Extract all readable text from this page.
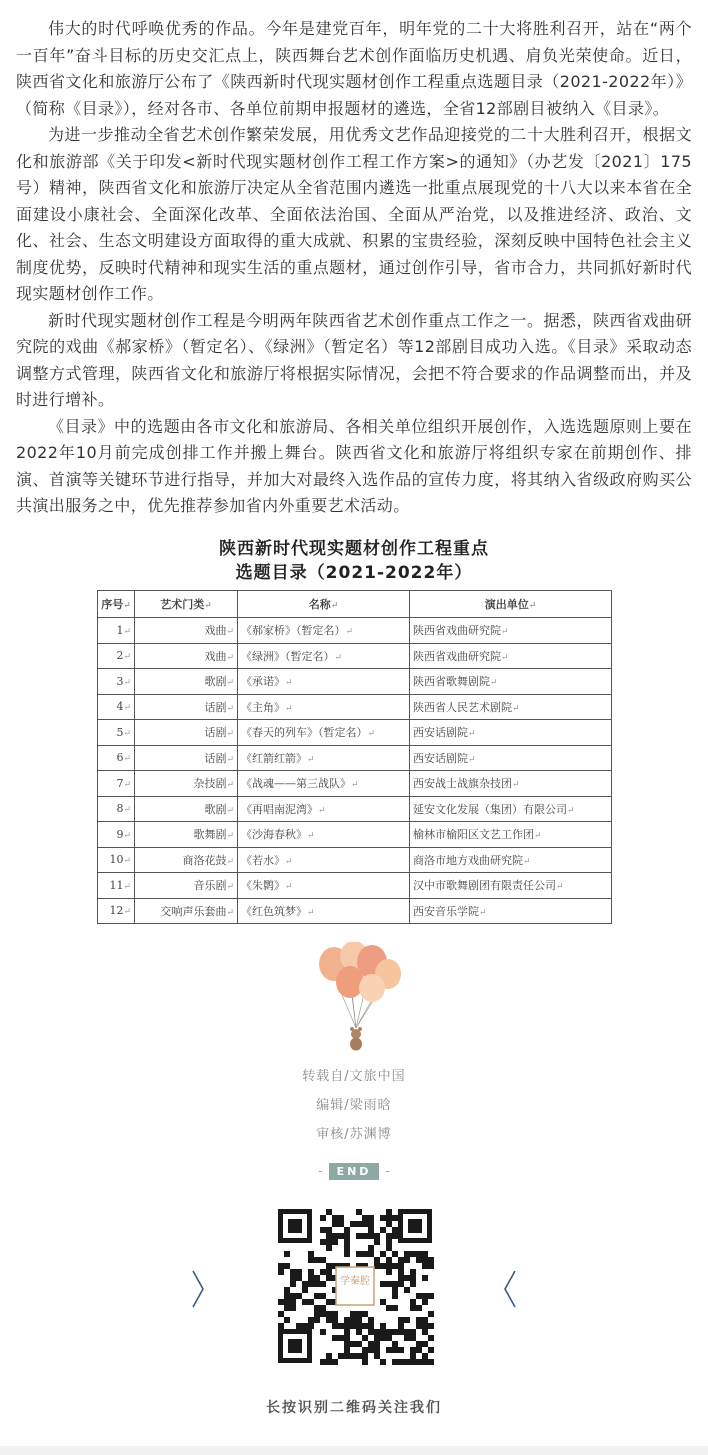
伟大的时代呼唤优秀的作品。今年是建党百年，明年党的二十大将胜利召开，站在“两个一百年”奋斗目标的历史交汇点上，陕西舞台艺术创作面临历史机遇、肩负光荣使命。近日，陕西省文化和旅游厅公布了《陕西新时代现实题材创作工程重点选题目录（2021-2022年）》（简称《目录》），经对各市、各单位前期申报题材的遴选，全省12部剧目被纳入《目录》。

为进一步推动全省艺术创作繁荣发展，用优秀文艺作品迎接党的二十大胜利召开，根据文化和旅游部《关于印发<新时代现实题材创作工程工作方案>的通知》（办艺发〔2021〕175号）精神，陕西省文化和旅游厅决定从全省范围内遴选一批重点展现党的十八大以来本省在全面建设小康社会、全面深化改革、全面依法治国、全面从严治党，以及推进经济、政治、文化、社会、生态文明建设方面取得的重大成就、积累的宝贵经验，深刻反映中国特色社会主义制度优势，反映时代精神和现实生活的重点题材，通过创作引导，省市合力，共同抓好新时代现实题材创作工作。

新时代现实题材创作工程是今明两年陕西省艺术创作重点工作之一。据悉，陕西省戏曲研究院的戏曲《郝家桥》（暂定名）、《绿洲》（暂定名）等12部剧目成功入选。《目录》采取动态调整方式管理，陕西省文化和旅游厅将根据实际情况，会把不符合要求的作品调整而出，并及时进行增补。

《目录》中的选题由各市文化和旅游局、各相关单位组织开展创作，入选选题原则上要在2022年10月前完成创排工作并搬上舞台。陕西省文化和旅游厅将组织专家在前期创作、排演、首演等关键环节进行指导，并加大对最终入选作品的宣传力度，将其纳入省级政府购买公共演出服务之中，优先推荐参加省内外重要艺术活动。

陕西新时代现实题材创作工程重点
选题目录（2021-2022年）
序号↵	艺术门类↵	名称↵	演出单位↵
1↵	戏曲↵	《郝家桥》（暂定名）↵	陕西省戏曲研究院↵
2↵	戏曲↵	《绿洲》（暂定名）↵	陕西省戏曲研究院↵
3↵	歌剧↵	《承诺》↵	陕西省歌舞剧院↵
4↵	话剧↵	《主角》↵	陕西省人民艺术剧院↵
5↵	话剧↵	《春天的列车》（暂定名）↵	西安话剧院↵
6↵	话剧↵	《红箭红箭》↵	西安话剧院↵
7↵	杂技剧↵	《战魂——第三战队》↵	西安战士战旗杂技团↵
8↵	歌剧↵	《再唱南泥湾》↵	延安文化发展（集团）有限公司↵
9↵	歌舞剧↵	《沙海春秋》↵	榆林市榆阳区文艺工作团↵
10↵	商洛花鼓↵	《若水》↵	商洛市地方戏曲研究院↵
11↵	音乐剧↵	《朱鹮》↵	汉中市歌舞剧团有限责任公司↵
12↵	交响声乐套曲↵	《红色筑梦》↵	西安音乐学院↵
转载自/文旅中国
编辑/梁雨晗
审核/苏渊博
-	END	-
学秦腔
长按识别二维码关注我们
